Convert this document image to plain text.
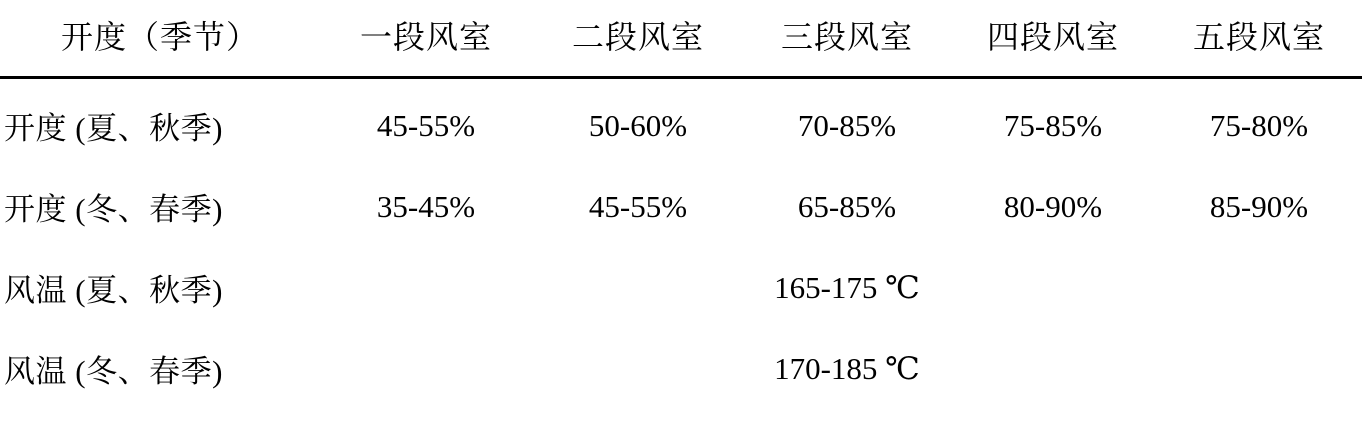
开度（季节）	一段风室	二段风室	三段风室	四段风室	五段风室
开度 (夏、秋季)	45-55%	50-60%	70-85%	75-85%	75-80%
开度 (冬、春季)	35-45%	45-55%	65-85%	80-90%	85-90%
风温 (夏、秋季)			165-175 ℃		
风温 (冬、春季)			170-185 ℃		
